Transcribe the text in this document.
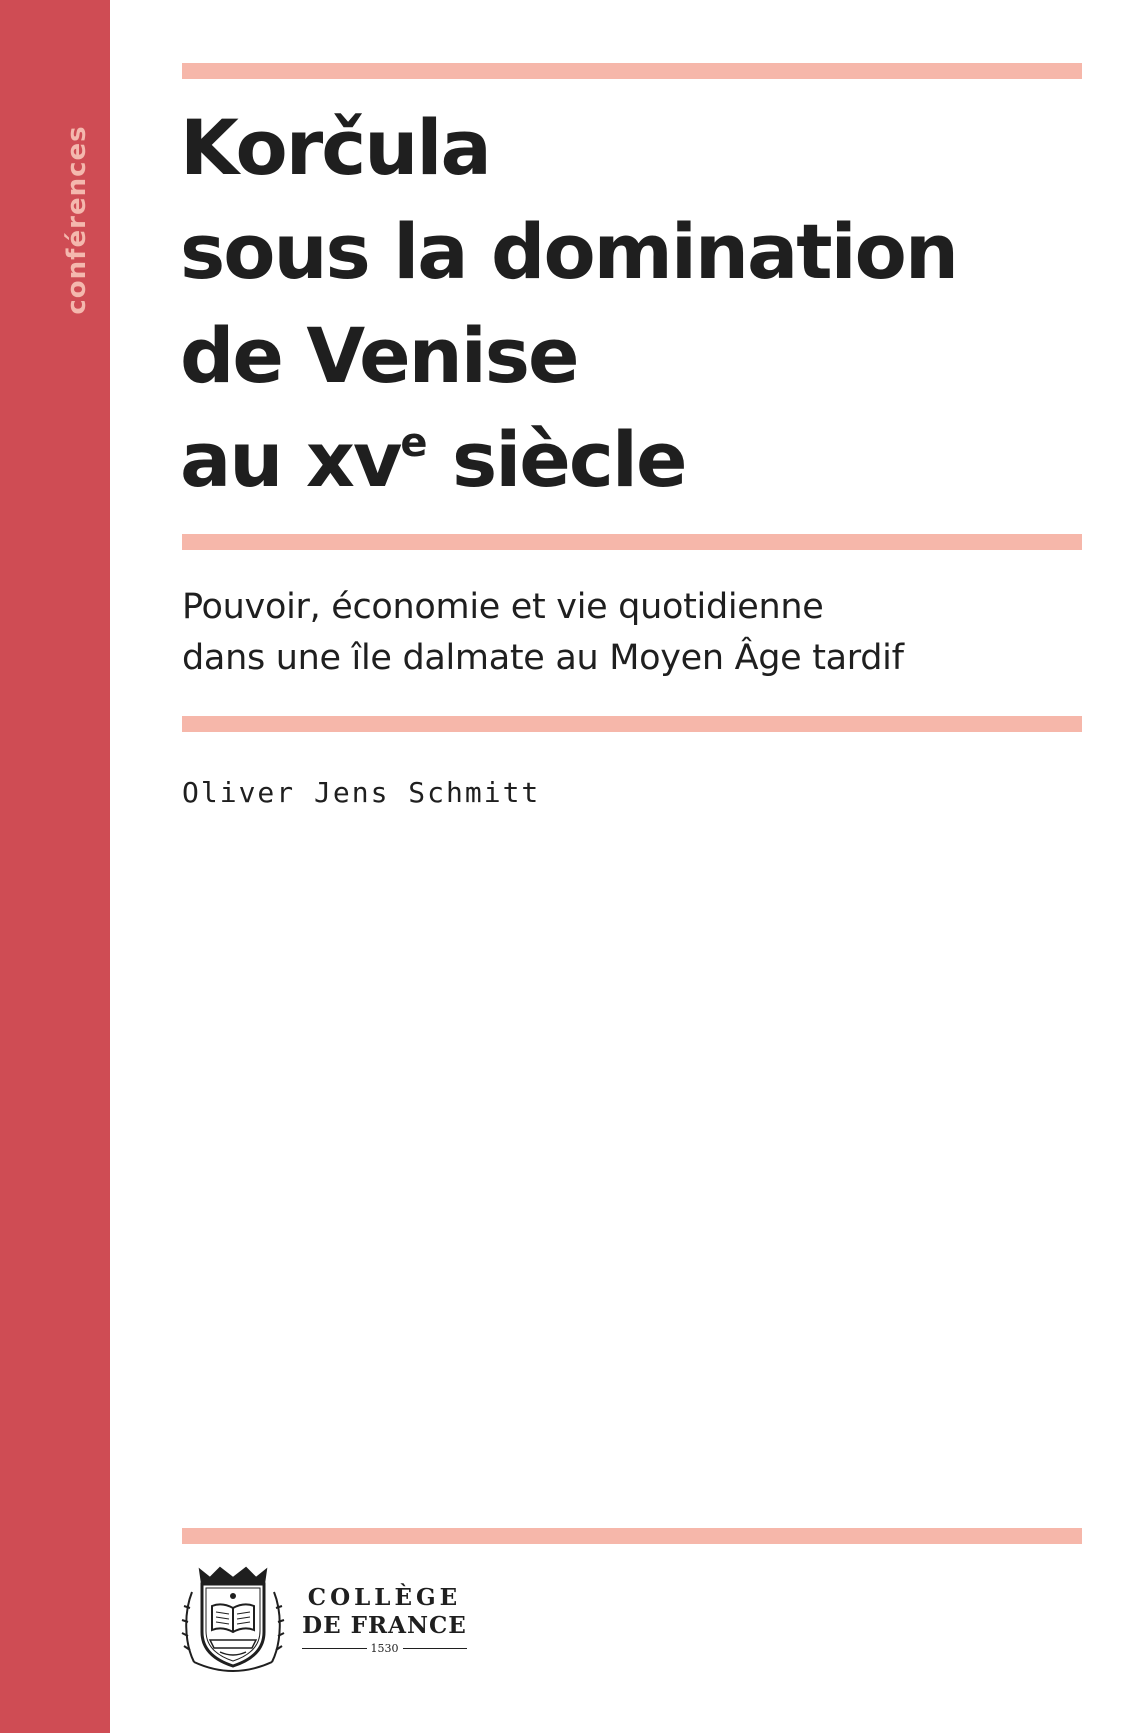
conférences Korčula
sous la domination
de Venise
au $xv^e$ siècle

Pouvoir, économie et vie quotidienne
dans une île dalmate au Moyen Âge tardif

Oliver Jens Schmitt
COLLÈGE
DE FRANCE
1530
